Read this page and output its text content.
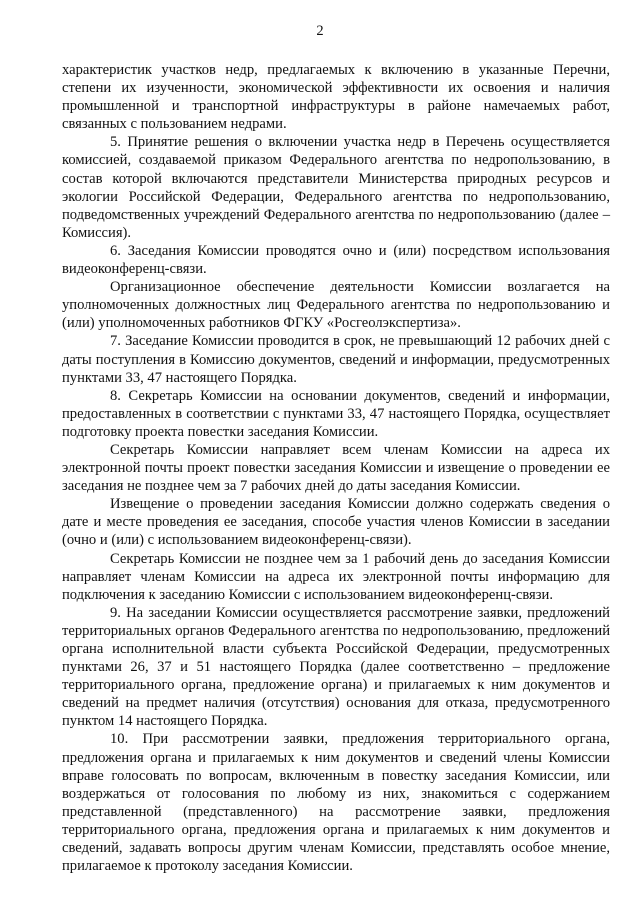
2

характеристик участков недр, предлагаемых к включению в указанные Перечни, степени их изученности, экономической эффективности их освоения и наличия промышленной и транспортной инфраструктуры в районе намечаемых работ, связанных с пользованием недрами.

5. Принятие решения о включении участка недр в Перечень осуществляется комиссией, создаваемой приказом Федерального агентства по недропользованию, в состав которой включаются представители Министерства природных ресурсов и экологии Российской Федерации, Федерального агентства по недропользованию, подведомственных учреждений Федерального агентства по недропользованию (далее – Комиссия).

6. Заседания Комиссии проводятся очно и (или) посредством использования видеоконференц-связи.

Организационное обеспечение деятельности Комиссии возлагается на уполномоченных должностных лиц Федерального агентства по недропользованию и (или) уполномоченных работников ФГКУ «Росгеолэкспертиза».

7. Заседание Комиссии проводится в срок, не превышающий 12 рабочих дней с даты поступления в Комиссию документов, сведений и информации, предусмотренных пунктами 33, 47 настоящего Порядка.

8. Секретарь Комиссии на основании документов, сведений и информации, предоставленных в соответствии с пунктами 33, 47 настоящего Порядка, осуществляет подготовку проекта повестки заседания Комиссии.

Секретарь Комиссии направляет всем членам Комиссии на адреса их электронной почты проект повестки заседания Комиссии и извещение о проведении ее заседания не позднее чем за 7 рабочих дней до даты заседания Комиссии.

Извещение о проведении заседания Комиссии должно содержать сведения о дате и месте проведения ее заседания, способе участия членов Комиссии в заседании (очно и (или) с использованием видеоконференц-связи).

Секретарь Комиссии не позднее чем за 1 рабочий день до заседания Комиссии направляет членам Комиссии на адреса их электронной почты информацию для подключения к заседанию Комиссии с использованием видеоконференц-связи.

9. На заседании Комиссии осуществляется рассмотрение заявки, предложений территориальных органов Федерального агентства по недропользованию, предложений органа исполнительной власти субъекта Российской Федерации, предусмотренных пунктами 26, 37 и 51 настоящего Порядка (далее соответственно – предложение территориального органа, предложение органа) и прилагаемых к ним документов и сведений на предмет наличия (отсутствия) основания для отказа, предусмотренного пунктом 14 настоящего Порядка.

10. При рассмотрении заявки, предложения территориального органа, предложения органа и прилагаемых к ним документов и сведений члены Комиссии вправе голосовать по вопросам, включенным в повестку заседания Комиссии, или воздержаться от голосования по любому из них, знакомиться с содержанием представленной (представленного) на рассмотрение заявки, предложения территориального органа, предложения органа и прилагаемых к ним документов и сведений, задавать вопросы другим членам Комиссии, представлять особое мнение, прилагаемое к протоколу заседания Комиссии.
